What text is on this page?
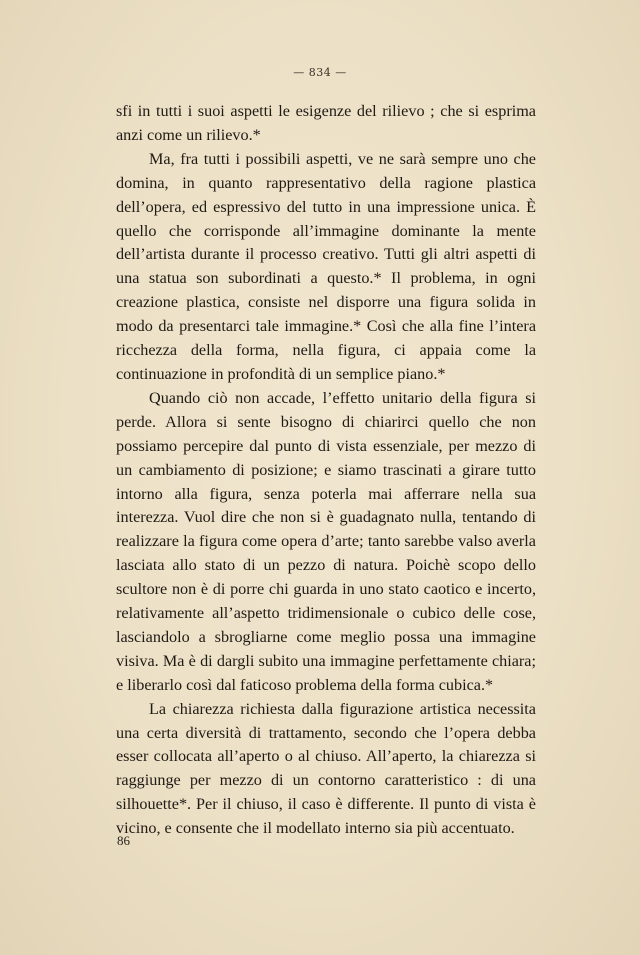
— 834 —

sfi in tutti i suoi aspetti le esigenze del rilievo ; che si esprima anzi come un rilievo.*

Ma, fra tutti i possibili aspetti, ve ne sarà sempre uno che domina, in quanto rappresentativo della ragione plastica dell’opera, ed espressivo del tutto in una impressione unica. È quello che corrisponde all’immagine dominante la mente dell’artista durante il processo creativo. Tutti gli altri aspetti di una statua son subordinati a questo.* Il problema, in ogni creazione plastica, consiste nel disporre una figura solida in modo da presentarci tale immagine.* Così che alla fine l’intera ricchezza della forma, nella figura, ci appaia come la continuazione in profondità di un semplice piano.*

Quando ciò non accade, l’effetto unitario della figura si perde. Allora si sente bisogno di chiarirci quello che non possiamo percepire dal punto di vista essenziale, per mezzo di un cambiamento di posizione; e siamo trascinati a girare tutto intorno alla figura, senza poterla mai afferrare nella sua interezza. Vuol dire che non si è guadagnato nulla, tentando di realizzare la figura come opera d’arte; tanto sarebbe valso averla lasciata allo stato di un pezzo di natura. Poichè scopo dello scultore non è di porre chi guarda in uno stato caotico e incerto, relativamente all’aspetto tridimensionale o cubico delle cose, lasciandolo a sbrogliarne come meglio possa una immagine visiva. Ma è di dargli subito una immagine perfettamente chiara; e liberarlo così dal faticoso problema della forma cubica.*

La chiarezza richiesta dalla figurazione artistica necessita una certa diversità di trattamento, secondo che l’opera debba esser collocata all’aperto o al chiuso. All’aperto, la chiarezza si raggiunge per mezzo di un contorno caratteristico : di una silhouette*. Per il chiuso, il caso è differente. Il punto di vista è vicino, e consente che il modellato interno sia più accentuato.

86
